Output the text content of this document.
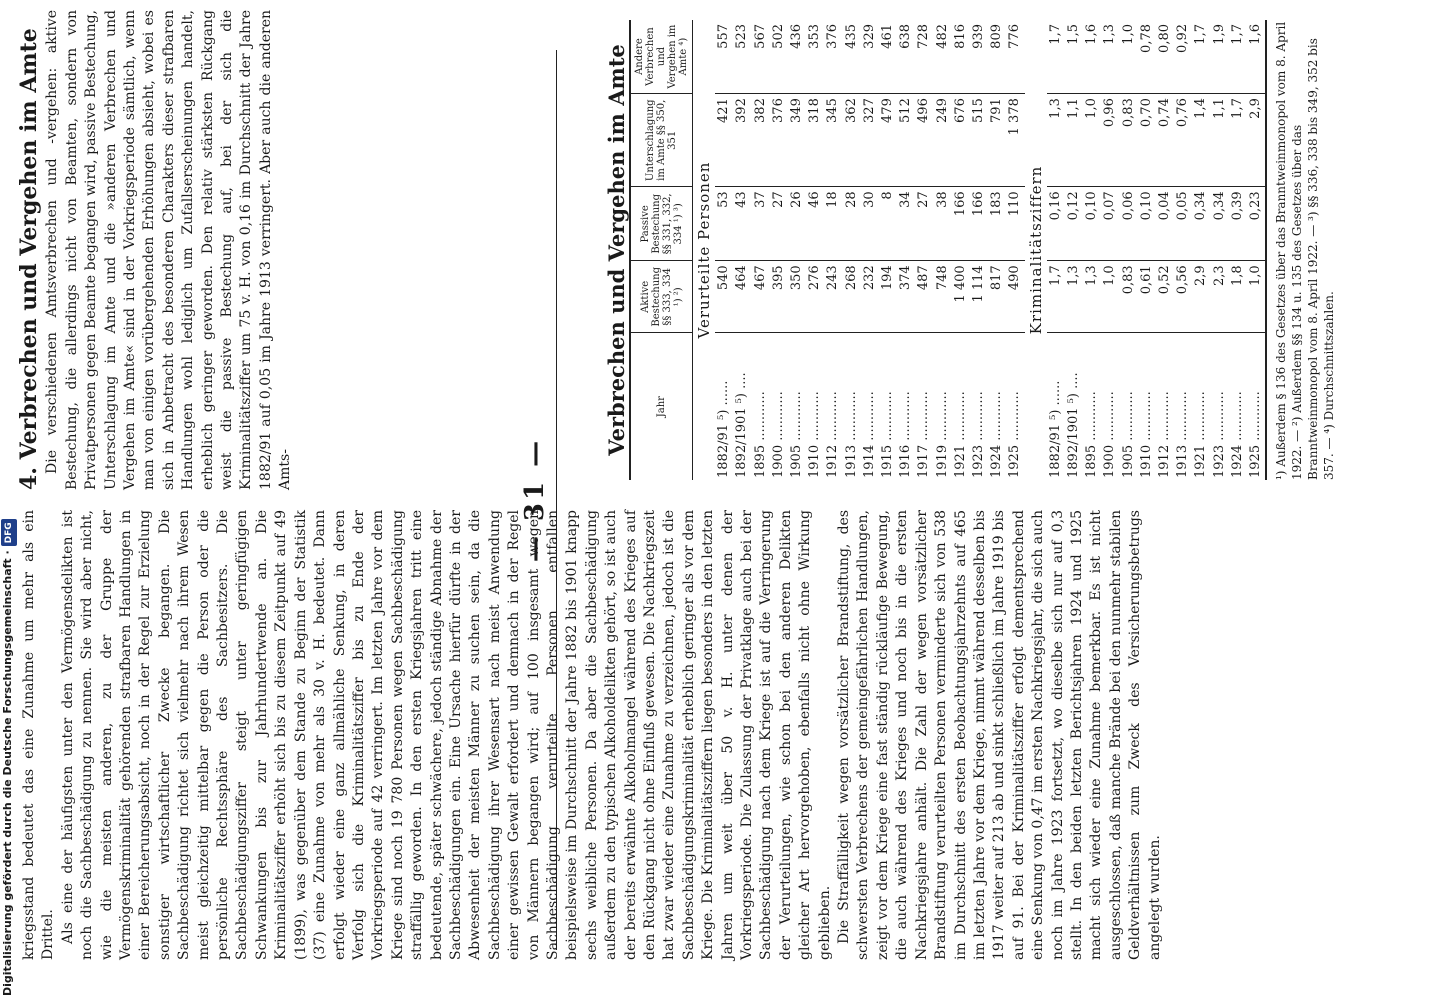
— 31 —

kriegsstand bedeutet das eine Zunahme um mehr als ein Drittel. Als eine der häufigsten unter den Vermögensdelikten ist noch die Sachbeschädigung zu nennen. Sie wird aber nicht, wie die meisten anderen, zu der Gruppe der Vermögenskriminalität gehörenden strafbaren Handlungen in einer Bereicherungsabsicht, noch in der Regel zur Erzielung sonstiger wirtschaftlicher Zwecke begangen. Die Sachbeschädigung richtet sich vielmehr nach ihrem Wesen meist gleichzeitig mittelbar gegen die Person oder die persönliche Rechtssphäre des Sachbesitzers. Die Sachbeschädigungsziffer steigt unter geringfügigen Schwankungen bis zur Jahrhundertwende an. Die Kriminalitätsziffer erhöht sich bis zu diesem Zeitpunkt auf 49 (1899), was gegenüber dem Stande zu Beginn der Statistik (37) eine Zunahme von mehr als 30 v. H. bedeutet. Dann erfolgt wieder eine ganz allmähliche Senkung, in deren Verfolg sich die Kriminalitätsziffer bis zu Ende der Vorkriegsperiode auf 42 verringert. Im letzten Jahre vor dem Kriege sind noch 19 780 Personen wegen Sachbeschädigung straffällig geworden. In den ersten Kriegsjahren tritt eine bedeutende, später schwächere, jedoch ständige Abnahme der Sachbeschädigungen ein. Eine Ursache hierfür dürfte in der Abwesenheit der meisten Männer zu suchen sein, da die Sachbeschädigung ihrer Wesensart nach meist Anwendung einer gewissen Gewalt erfordert und demnach in der Regel von Männern begangen wird; auf 100 insgesamt wegen Sachbeschädigung verurteilte Personen entfallen beispielsweise im Durchschnitt der Jahre 1882 bis 1901 knapp sechs weibliche Personen. Da aber die Sachbeschädigung außerdem zu den typischen Alkoholdelikten gehört, so ist auch der bereits erwähnte Alkoholmangel während des Krieges auf den Rückgang nicht ohne Einfluß gewesen. Die Nachkriegszeit hat zwar wieder eine Zunahme zu verzeichnen, jedoch ist die Sachbeschädigungskriminalität erheblich geringer als vor dem Kriege. Die Kriminalitätsziffern liegen besonders in den letzten Jahren um weit über 50 v. H. unter denen der Vorkriegsperiode. Die Zulassung der Privatklage auch bei der Sachbeschädigung nach dem Kriege ist auf die Verringerung der Verurteilungen, wie schon bei den anderen Delikten gleicher Art hervorgehoben, ebenfalls nicht ohne Wirkung geblieben. Die Straffälligkeit wegen vorsätzlicher Brandstiftung, des schwersten Verbrechens der gemeingefährlichen Handlungen, zeigt vor dem Kriege eine fast ständig rückläufige Bewegung, die auch während des Krieges und noch bis in die ersten Nachkriegsjahre anhält. Die Zahl der wegen vorsätzlicher Brandstiftung verurteilten Personen verminderte sich von 538 im Durchschnitt des ersten Beobachtungsjahrzehnts auf 465 im letzten Jahre vor dem Kriege, nimmt während desselben bis 1917 weiter auf 213 ab und sinkt schließlich im Jahre 1919 bis auf 91. Bei der Kriminalitätsziffer erfolgt dementsprechend eine Senkung von 0,47 im ersten Nachkriegsjahr, die sich auch noch im Jahre 1923 fortsetzt, wo dieselbe sich nur auf 0,3 stellt. In den beiden letzten Berichtsjahren 1924 und 1925 macht sich wieder eine Zunahme bemerkbar. Es ist nicht ausgeschlossen, daß manche Brände bei den nunmehr stabilen Geldverhältnissen zum Zweck des Versicherungsbetrugs angelegt wurden.

4. Verbrechen und Vergehen im Amte Die verschiedenen Amtsverbrechen und -vergehen: aktive Bestechung, die allerdings nicht von Beamten, sondern von Privatpersonen gegen Beamte begangen wird, passive Bestechung, Unterschlagung im Amte und die »anderen Verbrechen und Vergehen im Amte« sind in der Vorkriegsperiode sämtlich, wenn man von einigen vorübergehenden Erhöhungen absieht, wobei es sich in Anbetracht des besonderen Charakters dieser strafbaren Handlungen wohl lediglich um Zufallserscheinungen handelt, erheblich geringer geworden. Den relativ stärksten Rückgang weist die passive Bestechung auf, bei der sich die Kriminalitätsziffer um 75 v. H. von 0,16 im Durchschnitt der Jahre 1882/91 auf 0,05 im Jahre 1913 verringert. Aber auch die anderen Amts-

Verbrechen und Vergehen im Amte	Jahr	Aktive Bestechung §§ 333, 334 ¹) ²)	Passive Bestechung §§ 331, 332, 334 ¹) ³)	Unterschlagung im Amte §§ 350, 351	Andere Verbrechen und Vergehen im Amte ⁴)
Verurteilte Personen				
1882/91 ⁵) ......	540	53	421	557
1892/1901 ⁵) ....	464	43	392	523
1895 ............	467	37	382	567
1900 ............	395	27	376	502
1905 ............	350	26	349	436
1910 ............	276	46	318	353
1912 ............	243	18	345	376
1913 ............	268	28	362	435
1914 ............	232	30	327	329
1915 ............	194	8	479	461
1916 ............	374	34	512	638
1917 ............	487	27	496	728
1919 ............	748	38	249	482
1921 ............	1 400	166	676	816
1923 ............	1 114	166	515	939
1924 ............	817	183	791	809
1925 ............	490	110	1 378	776
Kriminalitätsziffern				
1882/91 ⁵) ......	1,7	0,16	1,3	1,7
1892/1901 ⁵) ....	1,3	0,12	1,1	1,5
1895 ............	1,3	0,10	1,0	1,6
1900 ............	1,0	0,07	0,96	1,3
1905 ............	0,83	0,06	0,83	1,0
1910 ............	0,61	0,10	0,70	0,78
1912 ............	0,52	0,04	0,74	0,80
1913 ............	0,56	0,05	0,76	0,92
1921 ............	2,9	0,34	1,4	1,7
1923 ............	2,3	0,34	1,1	1,9
1924 ............	1,8	0,39	1,7	1,7
1925 ............	1,0	0,23	2,9	1,6 ¹) Außerdem § 136 des Gesetzes über das Branntweinmonopol vom 8. April 1922. — ²) Außerdem §§ 134 u. 135 des Gesetzes über das Branntweinmonopol vom 8. April 1922. — ³) §§ 336, 338 bis 349, 352 bis 357. — ⁴) Durchschnittszahlen.
Digitalisierung gefördert durch die Deutsche Forschungsgemeinschaft ·DFG
